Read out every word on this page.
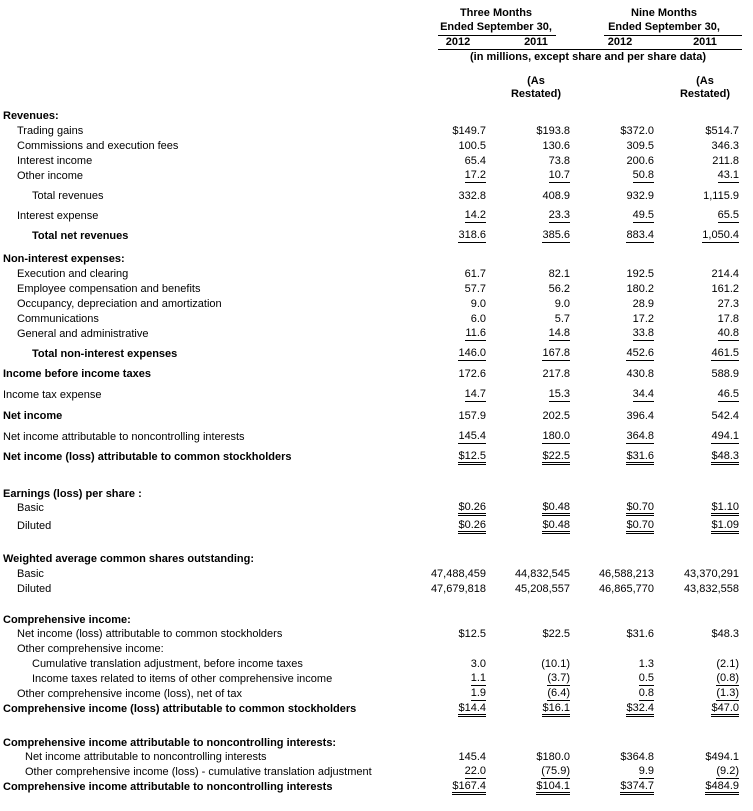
Three Months
Ended September 30,
Nine Months
Ended September 30,
2012	2011	2012	2011
(in millions, except share and per share data)
(As
Restated)
(As
Restated)
Revenues:
Trading gains	$149.7	$193.8	$372.0	$514.7
Commissions and execution fees	100.5	130.6	309.5	346.3
Interest income	65.4	73.8	200.6	211.8
Other income	17.2	10.7	50.8	43.1
Total revenues	332.8	408.9	932.9	1,115.9
Interest expense	14.2	23.3	49.5	65.5
Total net revenues	318.6	385.6	883.4	1,050.4
Non-interest expenses:
Execution and clearing	61.7	82.1	192.5	214.4
Employee compensation and benefits	57.7	56.2	180.2	161.2
Occupancy, depreciation and amortization	9.0	9.0	28.9	27.3
Communications	6.0	5.7	17.2	17.8
General and administrative	11.6	14.8	33.8	40.8
Total non-interest expenses	146.0	167.8	452.6	461.5
Income before income taxes	172.6	217.8	430.8	588.9
Income tax expense	14.7	15.3	34.4	46.5
Net income	157.9	202.5	396.4	542.4
Net income attributable to noncontrolling interests	145.4	180.0	364.8	494.1
Net income (loss) attributable to common stockholders	$12.5	$22.5	$31.6	$48.3
Earnings (loss) per share :
Basic	$0.26	$0.48	$0.70	$1.10
Diluted	$0.26	$0.48	$0.70	$1.09
Weighted average common shares outstanding:
Basic	47,488,459	44,832,545	46,588,213	43,370,291
Diluted	47,679,818	45,208,557	46,865,770	43,832,558
Comprehensive income:
Net income (loss) attributable to common stockholders	$12.5	$22.5	$31.6	$48.3
Other comprehensive income:
Cumulative translation adjustment, before income taxes	3.0	(10.1)	1.3	(2.1)
Income taxes related to items of other comprehensive income	1.1	(3.7)	0.5	(0.8)
Other comprehensive income (loss), net of tax	1.9	(6.4)	0.8	(1.3)
Comprehensive income (loss) attributable to common stockholders	$14.4	$16.1	$32.4	$47.0
Comprehensive income attributable to noncontrolling interests:
Net income attributable to noncontrolling interests	145.4	$180.0	$364.8	$494.1
Other comprehensive income (loss) - cumulative translation adjustment	22.0	(75.9)	9.9	(9.2)
Comprehensive income attributable to noncontrolling interests	$167.4	$104.1	$374.7	$484.9
